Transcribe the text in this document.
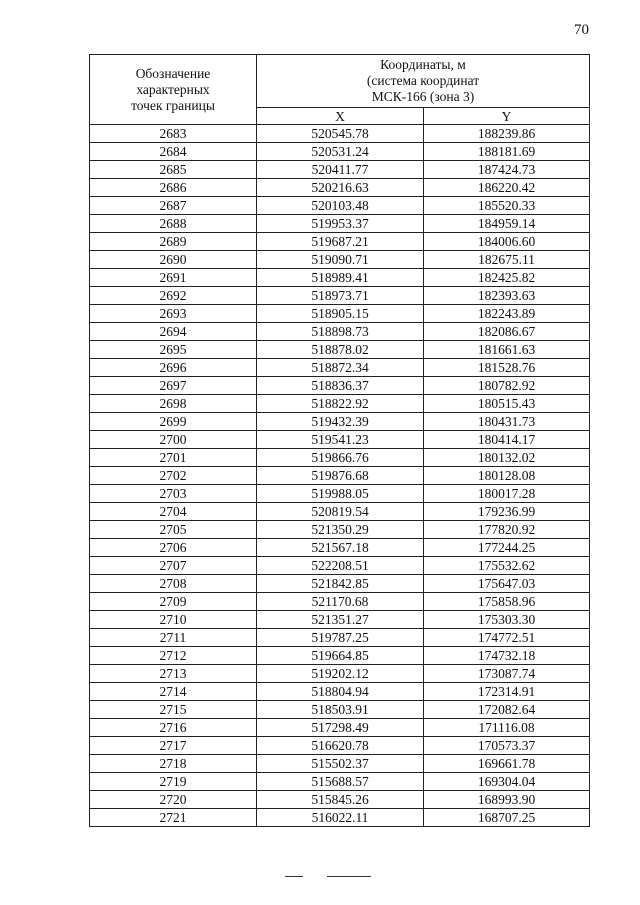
70
Обозначение
характерных
точек границы	Координаты, м
(система координат
МСК-166 (зона 3)	
	X	Y
2683	520545.78	188239.86
2684	520531.24	188181.69
2685	520411.77	187424.73
2686	520216.63	186220.42
2687	520103.48	185520.33
2688	519953.37	184959.14
2689	519687.21	184006.60
2690	519090.71	182675.11
2691	518989.41	182425.82
2692	518973.71	182393.63
2693	518905.15	182243.89
2694	518898.73	182086.67
2695	518878.02	181661.63
2696	518872.34	181528.76
2697	518836.37	180782.92
2698	518822.92	180515.43
2699	519432.39	180431.73
2700	519541.23	180414.17
2701	519866.76	180132.02
2702	519876.68	180128.08
2703	519988.05	180017.28
2704	520819.54	179236.99
2705	521350.29	177820.92
2706	521567.18	177244.25
2707	522208.51	175532.62
2708	521842.85	175647.03
2709	521170.68	175858.96
2710	521351.27	175303.30
2711	519787.25	174772.51
2712	519664.85	174732.18
2713	519202.12	173087.74
2714	518804.94	172314.91
2715	518503.91	172082.64
2716	517298.49	171116.08
2717	516620.78	170573.37
2718	515502.37	169661.78
2719	515688.57	169304.04
2720	515845.26	168993.90
2721	516022.11	168707.25
